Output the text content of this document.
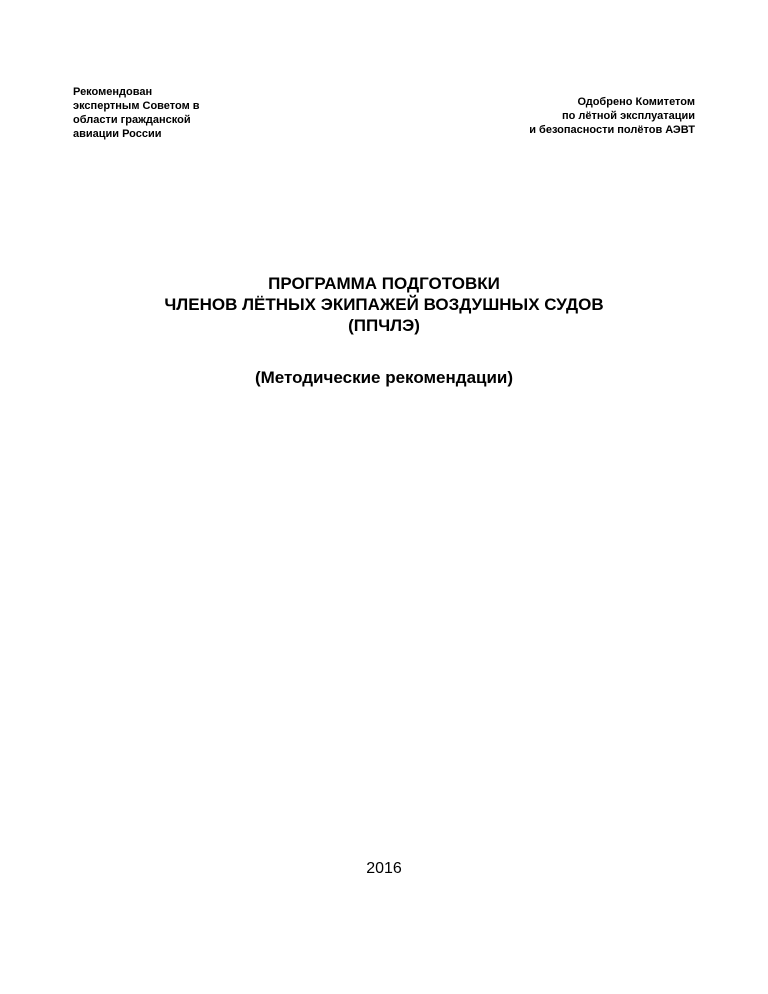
Рекомендован
экспертным Советом в
области гражданской
авиации России
Одобрено Комитетом
по лётной эксплуатации
и безопасности полётов АЭВТ
ПРОГРАММА ПОДГОТОВКИ
ЧЛЕНОВ ЛЁТНЫХ ЭКИПАЖЕЙ ВОЗДУШНЫХ СУДОВ
(ППЧЛЭ)
(Методические рекомендации)
2016
